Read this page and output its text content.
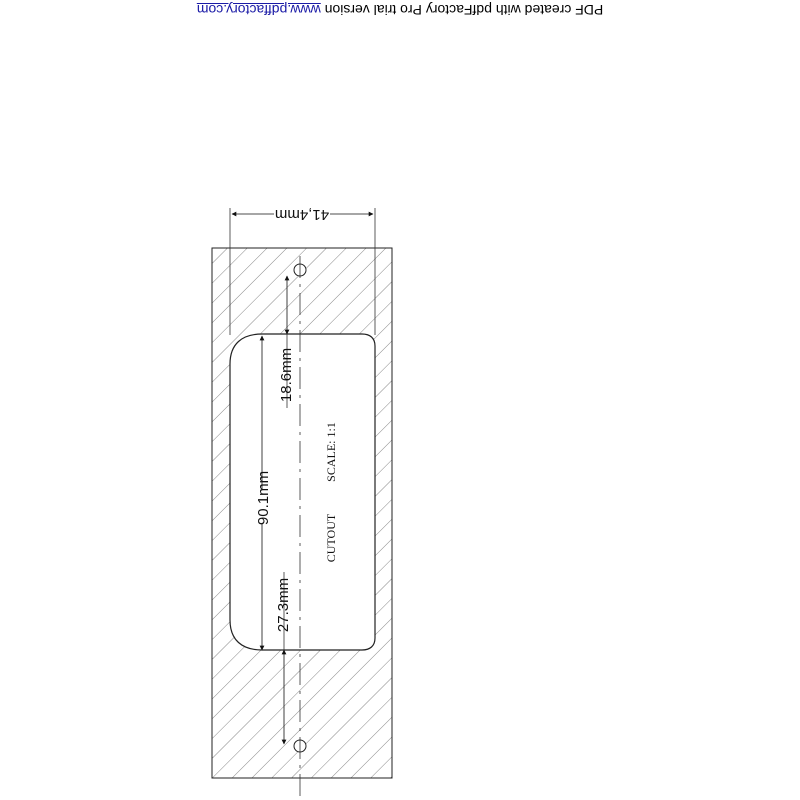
PDF created with pdfFactory Pro trial version www.pdffactory.com
41,4mm
90.1mm
18.6mm
27.3mm
SCALE: 1:1
CUTOUT
